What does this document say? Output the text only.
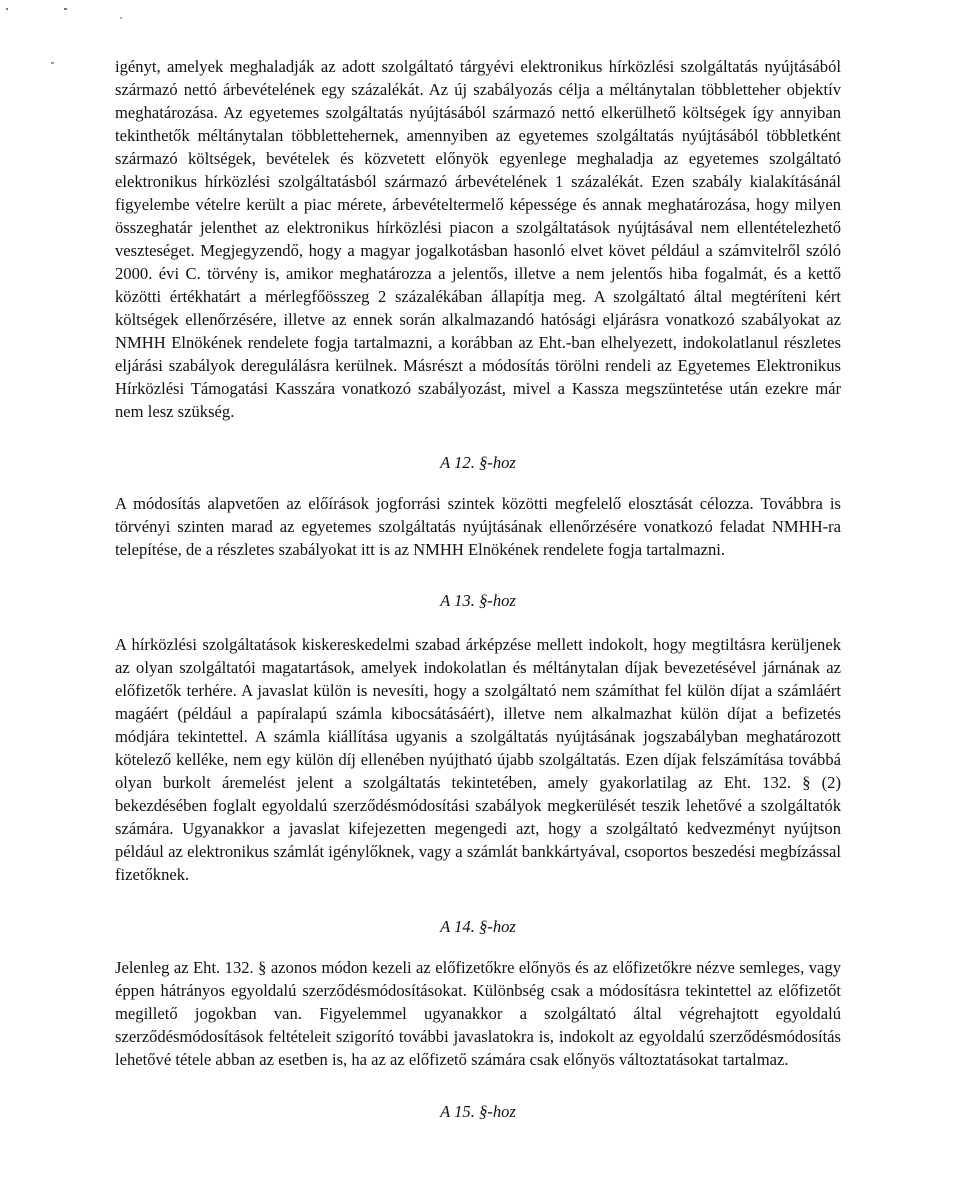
igényt, amelyek meghaladják az adott szolgáltató tárgyévi elektronikus hírközlési szolgáltatás nyújtásából származó nettó árbevételének egy százalékát. Az új szabályozás célja a méltánytalan többletteher objektív meghatározása. Az egyetemes szolgáltatás nyújtásából származó nettó elkerülhető költségek így annyiban tekinthetők méltánytalan többlettehernek, amennyiben az egyetemes szolgáltatás nyújtásából többletként származó költségek, bevételek és közvetett előnyök egyenlege meghaladja az egyetemes szolgáltató elektronikus hírközlési szolgáltatásból származó árbevételének 1 százalékát. Ezen szabály kialakításánál figyelembe vételre került a piac mérete, árbevételtermelő képessége és annak meghatározása, hogy milyen összeghatár jelenthet az elektronikus hírközlési piacon a szolgáltatások nyújtásával nem ellentételezhető veszteséget. Megjegyzendő, hogy a magyar jogalkotásban hasonló elvet követ például a számvitelről szóló 2000. évi C. törvény is, amikor meghatározza a jelentős, illetve a nem jelentős hiba fogalmát, és a kettő közötti értékhatárt a mérlegfőösszeg 2 százalékában állapítja meg. A szolgáltató által megtéríteni kért költségek ellenőrzésére, illetve az ennek során alkalmazandó hatósági eljárásra vonatkozó szabályokat az NMHH Elnökének rendelete fogja tartalmazni, a korábban az Eht.-ban elhelyezett, indokolatlanul részletes eljárási szabályok deregulálásra kerülnek. Másrészt a módosítás törölni rendeli az Egyetemes Elektronikus Hírközlési Támogatási Kasszára vonatkozó szabályozást, mivel a Kassza megszüntetése után ezekre már nem lesz szükség.

A 12. §-hoz

A módosítás alapvetően az előírások jogforrási szintek közötti megfelelő elosztását célozza. Továbbra is törvényi szinten marad az egyetemes szolgáltatás nyújtásának ellenőrzésére vonatkozó feladat NMHH-ra telepítése, de a részletes szabályokat itt is az NMHH Elnökének rendelete fogja tartalmazni.

A 13. §-hoz

A hírközlési szolgáltatások kiskereskedelmi szabad árképzése mellett indokolt, hogy megtiltásra kerüljenek az olyan szolgáltatói magatartások, amelyek indokolatlan és méltánytalan díjak bevezetésével járnának az előfizetők terhére. A javaslat külön is nevesíti, hogy a szolgáltató nem számíthat fel külön díjat a számláért magáért (például a papíralapú számla kibocsátásáért), illetve nem alkalmazhat külön díjat a befizetés módjára tekintettel. A számla kiállítása ugyanis a szolgáltatás nyújtásának jogszabályban meghatározott kötelező kelléke, nem egy külön díj ellenében nyújtható újabb szolgáltatás. Ezen díjak felszámítása továbbá olyan burkolt áremelést jelent a szolgáltatás tekintetében, amely gyakorlatilag az Eht. 132. § (2) bekezdésében foglalt egyoldalú szerződésmódosítási szabályok megkerülését teszik lehetővé a szolgáltatók számára. Ugyanakkor a javaslat kifejezetten megengedi azt, hogy a szolgáltató kedvezményt nyújtson például az elektronikus számlát igénylőknek, vagy a számlát bankkártyával, csoportos beszedési megbízással fizetőknek.

A 14. §-hoz

Jelenleg az Eht. 132. § azonos módon kezeli az előfizetőkre előnyös és az előfizetőkre nézve semleges, vagy éppen hátrányos egyoldalú szerződésmódosításokat. Különbség csak a módosításra tekintettel az előfizetőt megillető jogokban van. Figyelemmel ugyanakkor a szolgáltató által végrehajtott egyoldalú szerződésmódosítások feltételeit szigorító további javaslatokra is, indokolt az egyoldalú szerződésmódosítás lehetővé tétele abban az esetben is, ha az az előfizető számára csak előnyös változtatásokat tartalmaz.

A 15. §-hoz
